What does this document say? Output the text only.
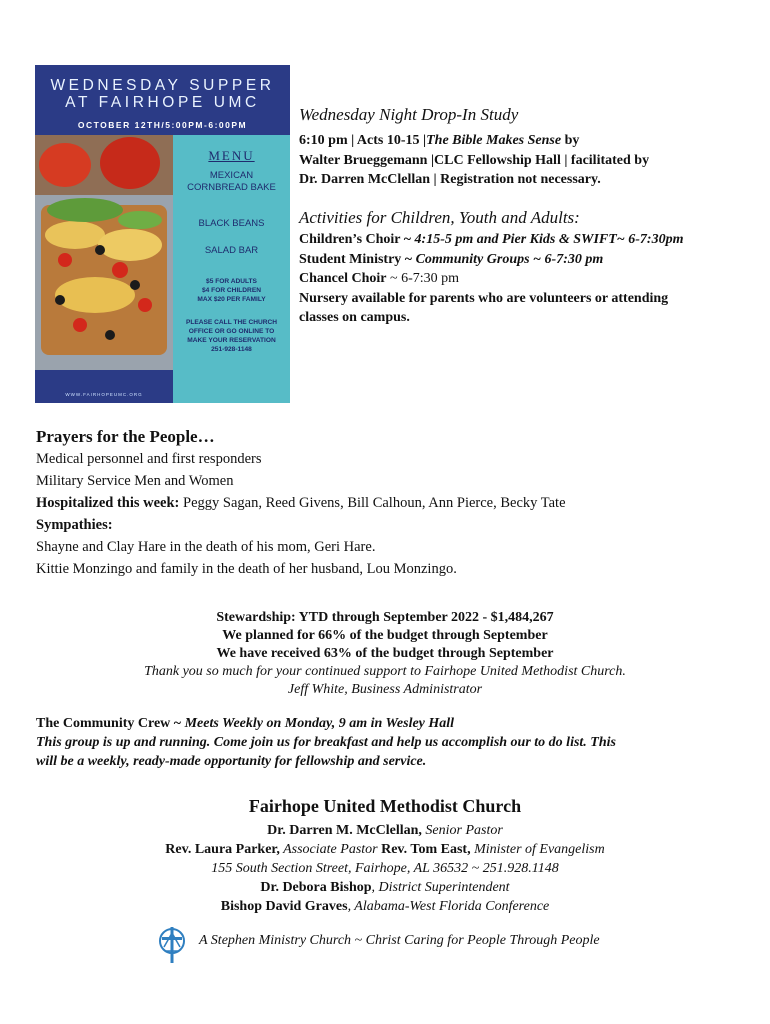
WEDNESDAY SUPPER
AT FAIRHOPE UMC
OCTOBER 12TH/5:00PM-6:00PM
MENU
MEXICAN
CORNBREAD BAKE
BLACK BEANS
SALAD BAR
$5 FOR ADULTS
$4 FOR CHILDREN
MAX $20 PER FAMILY
PLEASE CALL THE CHURCH
OFFICE OR GO ONLINE TO
MAKE YOUR RESERVATION
251-928-1148
WWW.FAIRHOPEUMC.ORG
Wednesday Night Drop-In Study
6:10 pm | Acts 10-15 |The Bible Makes Sense by
Walter Brueggemann |CLC Fellowship Hall | facilitated by
Dr. Darren McClellan | Registration not necessary.
Activities for Children, Youth and Adults:
Children’s Choir ~ 4:15-5 pm and Pier Kids & SWIFT~ 6-7:30pm
Student Ministry ~ Community Groups ~ 6-7:30 pm
Chancel Choir ~ 6-7:30 pm
Nursery available for parents who are volunteers or attending
classes on campus.
Prayers for the People…
Medical personnel and first responders
Military Service Men and Women
Hospitalized this week: Peggy Sagan, Reed Givens, Bill Calhoun, Ann Pierce, Becky Tate
Sympathies:
Shayne and Clay Hare in the death of his mom, Geri Hare.
Kittie Monzingo and family in the death of her husband, Lou Monzingo.
Stewardship: YTD through September 2022 - $1,484,267
We planned for 66% of the budget through September
We have received 63% of the budget through September
Thank you so much for your continued support to Fairhope United Methodist Church.
Jeff White, Business Administrator
The Community Crew ~ Meets Weekly on Monday, 9 am in Wesley Hall
This group is up and running. Come join us for breakfast and help us accomplish our to do list. This
will be a weekly, ready-made opportunity for fellowship and service.
Fairhope United Methodist Church
Dr. Darren M. McClellan, Senior Pastor
Rev. Laura Parker, Associate Pastor Rev. Tom East, Minister of Evangelism
155 South Section Street, Fairhope, AL 36532 ~ 251.928.1148
Dr. Debora Bishop, District Superintendent
Bishop David Graves, Alabama-West Florida Conference
A Stephen Ministry Church ~ Christ Caring for People Through People
